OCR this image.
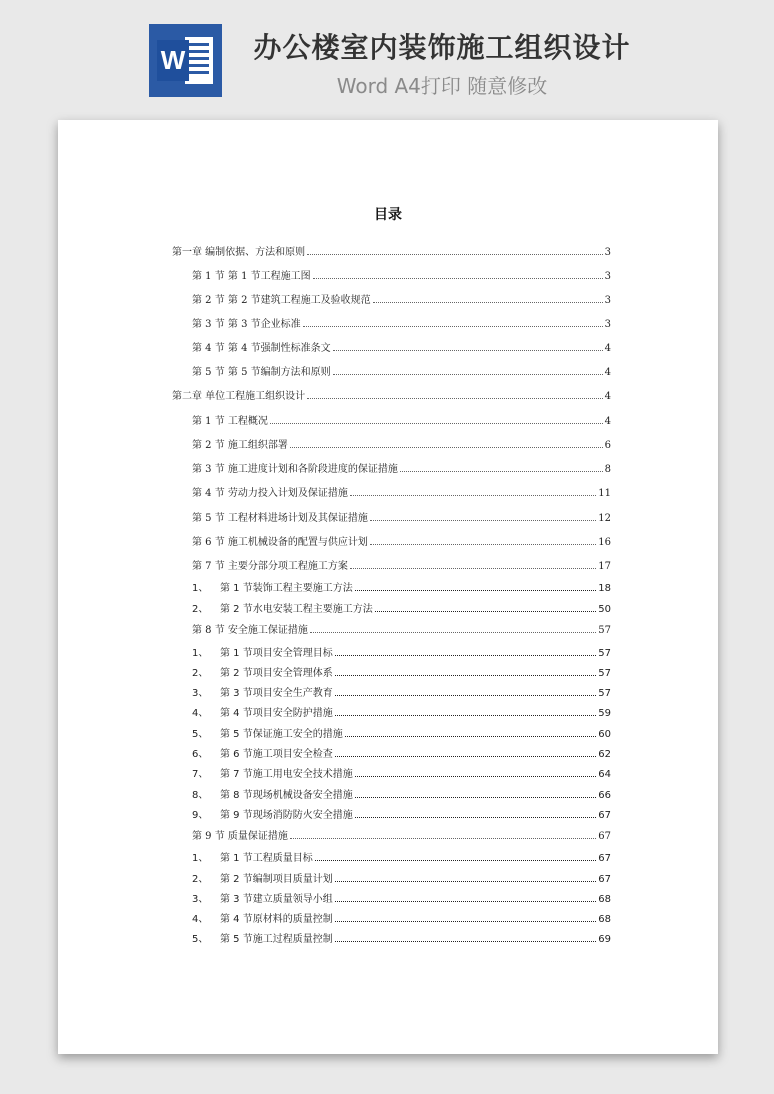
W	办公楼室内装饰施工组织设计
Word A4打印 随意修改
目录
第一章 编制依据、方法和原则	3
第 1 节 第 1 节工程施工图	3
第 2 节 第 2 节建筑工程施工及验收规范	3
第 3 节 第 3 节企业标准	3
第 4 节 第 4 节强制性标准条文	4
第 5 节 第 5 节编制方法和原则	4
第二章 单位工程施工组织设计	4
第 1 节 工程概况	4
第 2 节 施工组织部署	6
第 3 节 施工进度计划和各阶段进度的保证措施	8
第 4 节 劳动力投入计划及保证措施	11
第 5 节 工程材料进场计划及其保证措施	12
第 6 节 施工机械设备的配置与供应计划	16
第 7 节 主要分部分项工程施工方案	17
1、	第 1 节装饰工程主要施工方法	18
2、	第 2 节水电安装工程主要施工方法	50
第 8 节 安全施工保证措施	57
1、	第 1 节项目安全管理目标	57
2、	第 2 节项目安全管理体系	57
3、	第 3 节项目安全生产教育	57
4、	第 4 节项目安全防护措施	59
5、	第 5 节保证施工安全的措施	60
6、	第 6 节施工项目安全检查	62
7、	第 7 节施工用电安全技术措施	64
8、	第 8 节现场机械设备安全措施	66
9、	第 9 节现场消防防火安全措施	67
第 9 节 质量保证措施	67
1、	第 1 节工程质量目标	67
2、	第 2 节编制项目质量计划	67
3、	第 3 节建立质量领导小组	68
4、	第 4 节原材料的质量控制	68
5、	第 5 节施工过程质量控制	69
